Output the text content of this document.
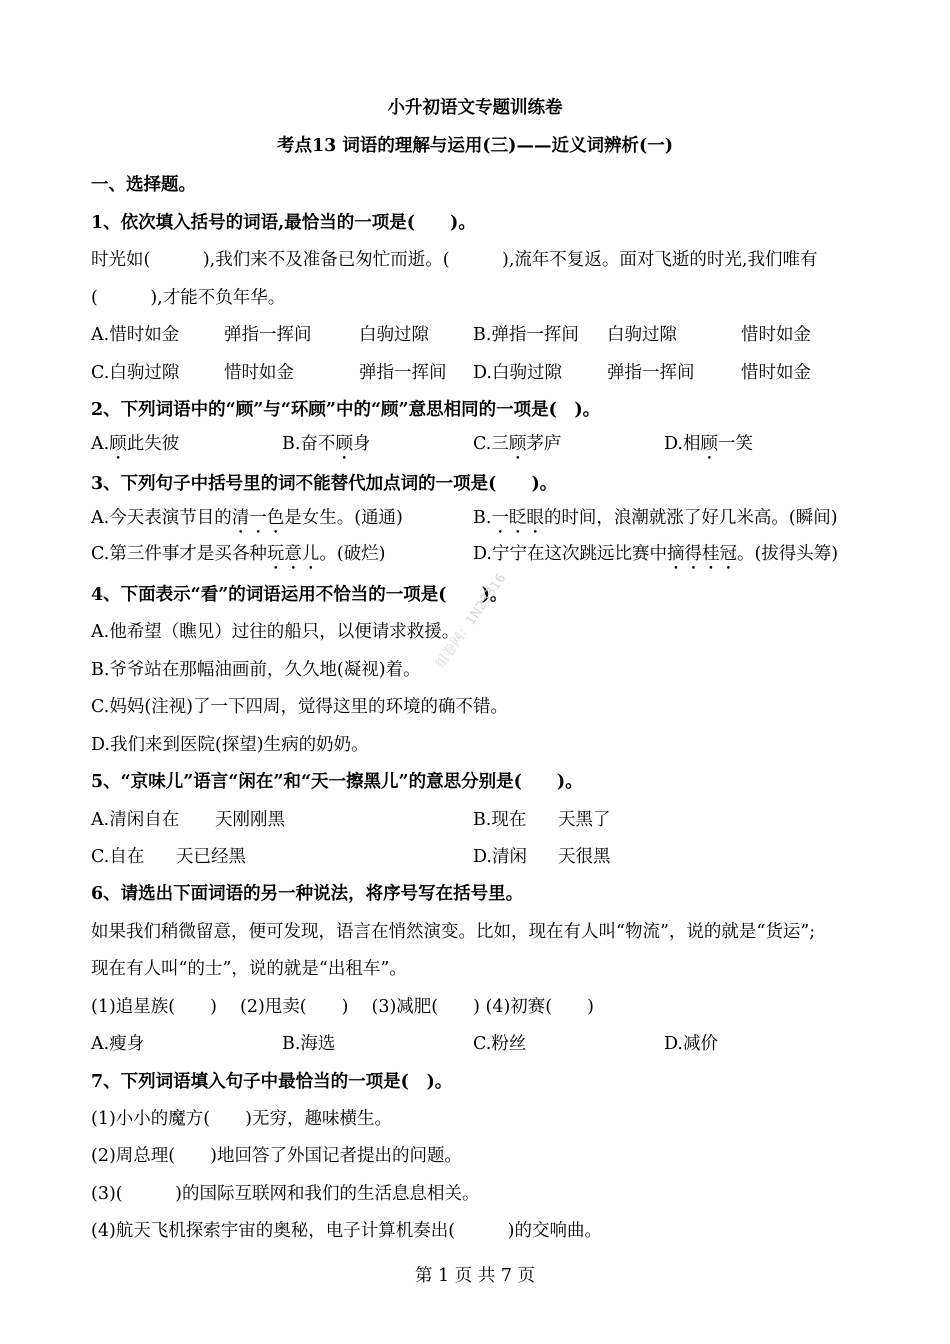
小升初语文专题训练卷
考点13 词语的理解与运用(三)——近义词辨析(一)
一、选择题。
1、依次填入括号的词语,最恰当的一项是(　　)。
时光如(　　　),我们来不及准备已匆忙而逝。(　　　),流年不复返。面对飞逝的时光,我们唯有
(　　　),才能不负年华。
A.惜时如金	弹指一挥间	白驹过隙	B.弹指一挥间 白驹过隙	惜时如金
C.白驹过隙	惜时如金	弹指一挥间 D.白驹过隙	弹指一挥间	惜时如金
2、下列词语中的“顾”与“环顾”中的“顾”意思相同的一项是(　)。
A.顾此失彼	B.奋不顾身	C.三顾茅庐	D.相顾一笑
3、下列句子中括号里的词不能替代加点词的一项是(　　)。
A.今天表演节目的清一色是女生。(通通)	B.一眨眼的时间，浪潮就涨了好几米高。(瞬间)
C.第三件事才是买各种玩意儿。(破烂)	D.宁宁在这次跳远比赛中摘得桂冠。(拔得头筹)
4、下面表示“看”的词语运用不恰当的一项是(　　)。
A.他希望（瞧见）过往的船只，以便请求救援。
B.爷爷站在那幅油画前，久久地(凝视)着。
C.妈妈(注视)了一下四周，觉得这里的环境的确不错。
D.我们来到医院(探望)生病的奶奶。
5、“京味儿”语言“闲在”和“天一擦黑儿”的意思分别是(　　)。
A.清闲自在 天刚刚黑	B.现在 天黑了
C.自在 天已经黑	D.清闲 天很黑
6、请选出下面词语的另一种说法，将序号写在括号里。
如果我们稍微留意，便可发现，语言在悄然演变。比如，现在有人叫“物流”，说的就是“货运”;
现在有人叫“的士”，说的就是“出租车”。
(1)追星族(　　)　 (2)甩卖(　　)　 (3)减肥(　　) (4)初赛(　　)
A.瘦身	B.海选	C.粉丝	D.减价
7、下列词语填入句子中最恰当的一项是(　)。
(1)小小的魔方(　　)无穷，趣味横生。
(2)周总理(　　)地回答了外国记者提出的问题。
(3)(　　　)的国际互联网和我们的生活息息相关。
(4)航天飞机探索宇宙的奥秘，电子计算机奏出(　　　)的交响曲。
第 1 页 共 7 页
组卷网：1N23316
